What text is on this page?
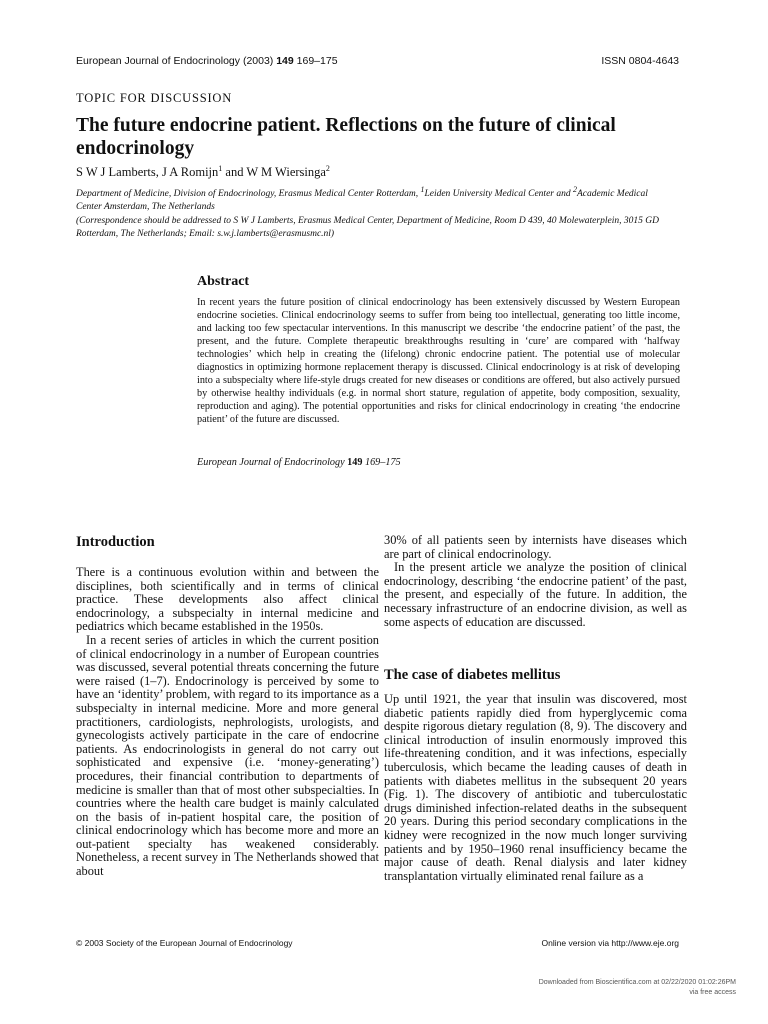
European Journal of Endocrinology (2003) 149 169–175	ISSN 0804-4643
TOPIC FOR DISCUSSION
The future endocrine patient. Reflections on the future of clinical endocrinology
S W J Lamberts, J A Romijn$^1$ and W M Wiersinga$^2$
Department of Medicine, Division of Endocrinology, Erasmus Medical Center Rotterdam, $^1$Leiden University Medical Center and $^2$Academic Medical Center Amsterdam, The Netherlands
(Correspondence should be addressed to S W J Lamberts, Erasmus Medical Center, Department of Medicine, Room D 439, 40 Molewaterplein, 3015 GD Rotterdam, The Netherlands; Email: s.w.j.lamberts@erasmusmc.nl)
Abstract
In recent years the future position of clinical endocrinology has been extensively discussed by Western European endocrine societies. Clinical endocrinology seems to suffer from being too intellectual, generating too little income, and lacking too few spectacular interventions. In this manuscript we describe ‘the endocrine patient’ of the past, the present, and the future. Complete therapeutic breakthroughs resulting in ‘cure’ are compared with ‘halfway technologies’ which help in creating the (lifelong) chronic endocrine patient. The potential use of molecular diagnostics in optimizing hormone replacement therapy is discussed. Clinical endocrinology is at risk of developing into a subspecialty where life-style drugs created for new diseases or conditions are offered, but also actively pursued by otherwise healthy individuals (e.g. in normal short stature, regulation of appetite, body composition, sexuality, reproduction and aging). The potential opportunities and risks for clinical endocrinology in creating ‘the endocrine patient’ of the future are discussed.
European Journal of Endocrinology 149 169–175
Introduction

There is a continuous evolution within and between the disciplines, both scientifically and in terms of clinical practice. These developments also affect clinical endocrinology, a subspecialty in internal medicine and pediatrics which became established in the 1950s.

In a recent series of articles in which the current position of clinical endocrinology in a number of European countries was discussed, several potential threats concerning the future were raised (1–7). Endocrinology is perceived by some to have an ‘identity’ problem, with regard to its importance as a subspecialty in internal medicine. More and more general practitioners, cardiologists, nephrologists, urologists, and gynecologists actively participate in the care of endocrine patients. As endocrinologists in general do not carry out sophisticated and expensive (i.e. ‘money-generating’) procedures, their financial contribution to departments of medicine is smaller than that of most other subspecialties. In countries where the health care budget is mainly calculated on the basis of in-patient hospital care, the position of clinical endocrinology which has become more and more an out-patient specialty has weakened considerably. Nonetheless, a recent survey in The Netherlands showed that about

30% of all patients seen by internists have diseases which are part of clinical endocrinology.

In the present article we analyze the position of clinical endocrinology, describing ‘the endocrine patient’ of the past, the present, and especially of the future. In addition, the necessary infrastructure of an endocrine division, as well as some aspects of education are discussed.

The case of diabetes mellitus

Up until 1921, the year that insulin was discovered, most diabetic patients rapidly died from hyperglycemic coma despite rigorous dietary regulation (8, 9). The discovery and clinical introduction of insulin enormously improved this life-threatening condition, and it was infections, especially tuberculosis, which became the leading causes of death in patients with diabetes mellitus in the subsequent 20 years (Fig. 1). The discovery of antibiotic and tuberculostatic drugs diminished infection-related deaths in the subsequent 20 years. During this period secondary complications in the kidney were recognized in the now much longer surviving patients and by 1950–1960 renal insufficiency became the major cause of death. Renal dialysis and later kidney transplantation virtually eliminated renal failure as a

© 2003 Society of the European Journal of Endocrinology	Online version via http://www.eje.org
Downloaded from Bioscientifica.com at 02/22/2020 01:02:26PM
via free access
